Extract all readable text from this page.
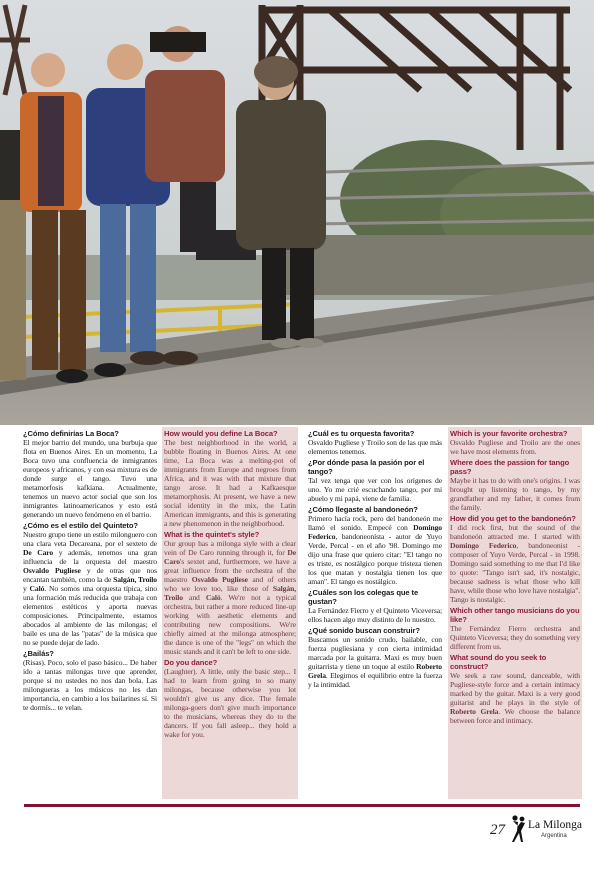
¿Cómo definirías La Boca?
El mejor barrio del mundo, una burbuja que flota en Buenos Aires. En un momento, La Boca tuvo una confluencia de inmigrantes europeos y africanos, y con esa mixtura es de donde surge el tango. Tuvo una metamorfosis kafkiana. Actualmente, tenemos un nuevo actor social que son los inmigrantes latinoamericanos y esto está generando un nuevo fenómeno en el barrio.
¿Cómo es el estilo del Quinteto?
Nuestro grupo tiene un estilo milonguero con una clara veta Decareana, por el sexteto de De Caro y además, tenemos una gran influencia de la orquesta del maestro Osvaldo Pugliese y de otras que nos encantan también, como la de Salgán, Troilo y Caló. No somos una orquesta típica, sino una formación más reducida que trabaja con elementos estéticos y aporta nuevas composiciones. Principalmente, estamos abocados al ambiente de las milongas; el baile es una de las "patas" de la música que no se puede dejar de lado.
¿Bailás?
(Risas). Poco, solo el paso básico... De haber ido a tantas milongas tuve que aprender, porque si no ustedes no nos dan bola. Las milongueras a los músicos no les dan importancia, en cambio a los bailarines sí. Si te dormís... te velan.
How would you define La Boca?
The best neighborhood in the world, a bubble floating in Buenos Aires. At one time, La Boca was a melting-pot of immigrants from Europe and negroes from Africa, and it was with that mixture that tango arose. It had a Kafkaesque metamorphosis. At present, we have a new social identity in the mix, the Latin American immigrants, and this is generating a new phenomenon in the neighborhood.
What is the quintet's style?
Our group has a milonga style with a clear vein of De Caro running through it, for De Caro's sextet and, furthermore, we have a great influence from the orchestra of the maestro Osvaldo Pugliese and of others who we love too, like those of Salgán, Troilo and Caló. We're not a typical orchestra, but rather a more reduced line-up working with aesthetic elements and contributing new compositions. We're chiefly aimed at the milonga atmosphere; the dance is one of the "legs" on which the music stands and it can't be left to one side.
Do you dance?
(Laughter). A little, only the basic step... I had to learn from going to so many milongas, because otherwise you lot wouldn't give us any dice. The female milonga-goers don't give much importance to the musicians, whereas they do to the dancers. If you fall asleep... they hold a wake for you.
¿Cuál es tu orquesta favorita?
Osvaldo Pugliese y Troilo son de las que más elementos tenemos.
¿Por dónde pasa la pasión por el tango?
Tal vez tenga que ver con los orígenes de uno. Yo me crié escuchando tango, por mi abuelo y mi papá, viene de familia.
¿Cómo llegaste al bandoneón?
Primero hacía rock, pero del bandoneón me llamó el sonido. Empecé con Domingo Federico, bandoneonísta - autor de Yuyo Verde, Percal - en el año '98. Domingo me dijo una frase que quiero citar: "El tango no es triste, es nostálgico porque tristeza tienen los que matan y nostalgia tienen los que aman". El tango es nostálgico.
¿Cuáles son los colegas que te gustan?
La Fernández Fierro y el Quinteto Viceversa; ellos hacen algo muy distinto de lo nuestro.
¿Qué sonido buscan construir?
Buscamos un sonido crudo, bailable, con fuerza pugliesiana y con cierta intimidad marcada por la guitarra. Maxi es muy buen guitarrista y tiene un toque al estilo Roberto Grela. Elegimos el equilibrio entre la fuerza y la intimidad.
Which is your favorite orchestra?
Osvaldo Pugliese and Troilo are the ones we have most elements from.
Where does the passion for tango pass?
Maybe it has to do with one's origins. I was brought up listening to tango, by my grandfather and my father, it comes from the family.
How did you get to the bandoneón?
I did rock first, but the sound of the bandoneón attracted me. I started with Domingo Federico, bandoneonist - composer of Yuyo Verde, Percal - in 1998. Domingo said something to me that I'd like to quote: "Tango isn't sad, it's nostalgic, because sadness is what those who kill have, while those who love have nostalgia". Tango is nostalgic.
Which other tango musicians do you like?
The Fernández Fierro orchestra and Quinteto Viceversa; they do something very different from us.
What sound do you seek to construct?
We seek a raw sound, danceable, with Pugliese-style force and a certain intimacy marked by the guitar. Maxi is a very good guitarist and he plays in the style of Roberto Grela. We choose the balance between force and intimacy.
27 La Milonga
Argentina
